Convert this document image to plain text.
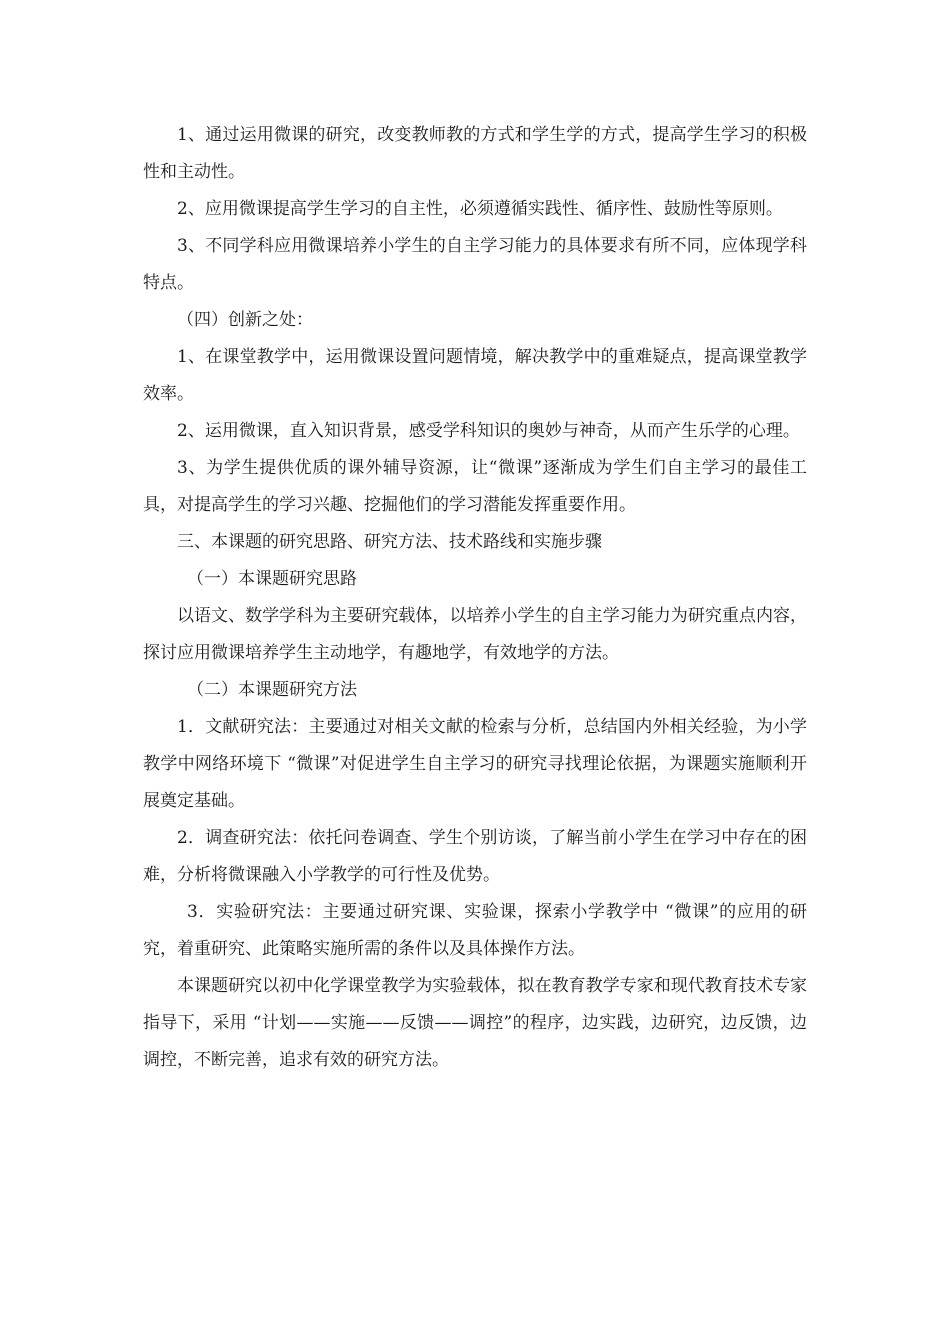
1、通过运用微课的研究，改变教师教的方式和学生学的方式，提高学生学习的积极性和主动性。

2、应用微课提高学生学习的自主性，必须遵循实践性、循序性、鼓励性等原则。

3、不同学科应用微课培养小学生的自主学习能力的具体要求有所不同，应体现学科特点。

（四）创新之处：

1、在课堂教学中，运用微课设置问题情境，解决教学中的重难疑点，提高课堂教学效率。

2、运用微课，直入知识背景，感受学科知识的奥妙与神奇，从而产生乐学的心理。

3、为学生提供优质的课外辅导资源，让“微课”逐渐成为学生们自主学习的最佳工具，对提高学生的学习兴趣、挖掘他们的学习潜能发挥重要作用。

三、本课题的研究思路、研究方法、技术路线和实施步骤

（一）本课题研究思路

以语文、数学学科为主要研究载体，以培养小学生的自主学习能力为研究重点内容，探讨应用微课培养学生主动地学，有趣地学，有效地学的方法。

（二）本课题研究方法

1．文献研究法：主要通过对相关文献的检索与分析，总结国内外相关经验，为小学教学中网络环境下 “微课”对促进学生自主学习的研究寻找理论依据，为课题实施顺利开展奠定基础。

2．调查研究法：依托问卷调查、学生个别访谈，了解当前小学生在学习中存在的困难，分析将微课融入小学教学的可行性及优势。

3．实验研究法：主要通过研究课、实验课，探索小学教学中 “微课”的应用的研究，着重研究、此策略实施所需的条件以及具体操作方法。

本课题研究以初中化学课堂教学为实验载体，拟在教育教学专家和现代教育技术专家指导下，采用 “计划——实施——反馈——调控”的程序，边实践，边研究，边反馈，边调控，不断完善，追求有效的研究方法。
